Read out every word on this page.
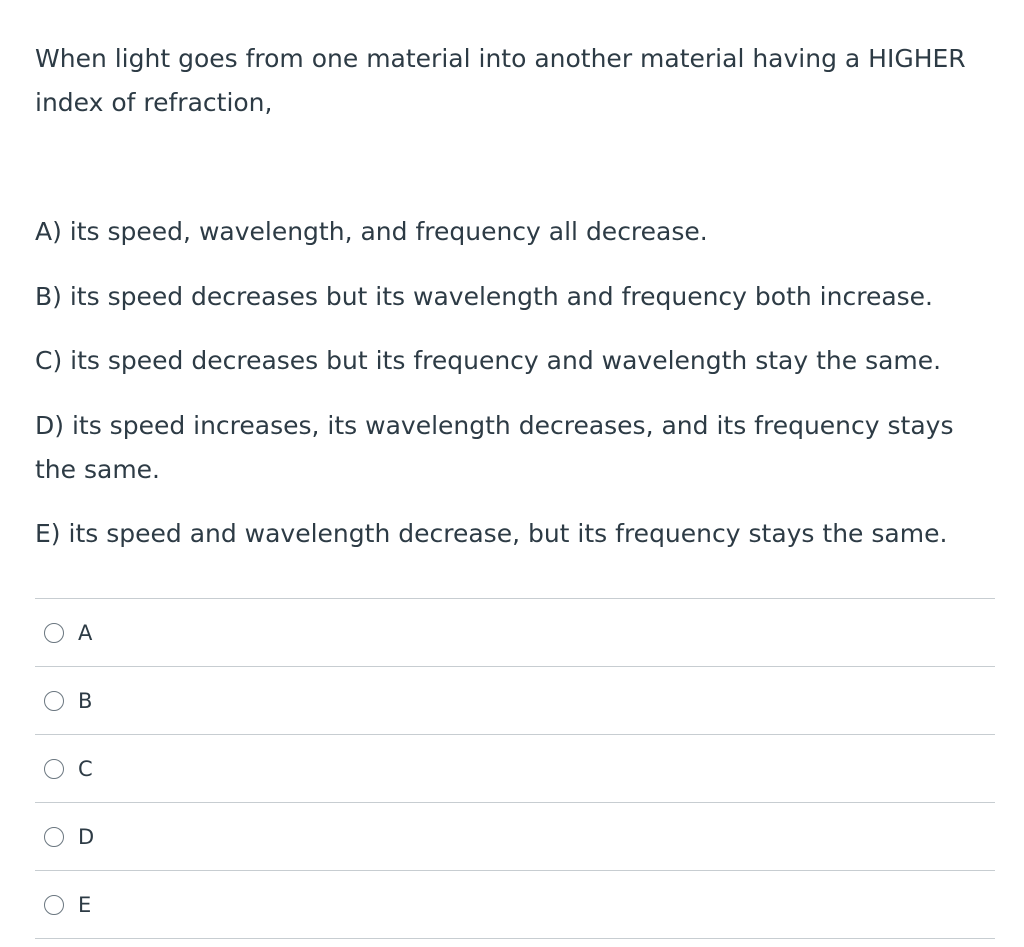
When light goes from one material into another material having a HIGHER index of refraction,

A) its speed, wavelength, and frequency all decrease.

B) its speed decreases but its wavelength and frequency both increase.

C) its speed decreases but its frequency and wavelength stay the same.

D) its speed increases, its wavelength decreases, and its frequency stays the same.

E) its speed and wavelength decrease, but its frequency stays the same.

A
B
C
D
E
